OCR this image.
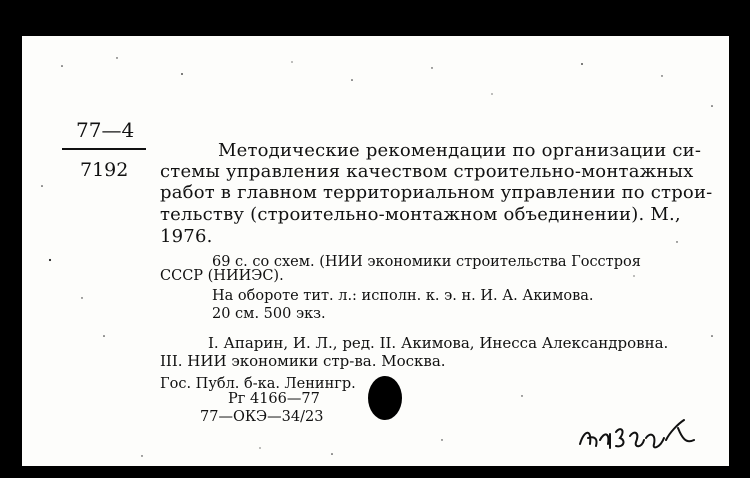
77—4
7192
Методические рекомендации по организации си-
стемы управления качеством строительно-монтажных
работ в главном территориальном управлении по строи-
тельству (строительно-монтажном объединении). М.,
1976.
69 с. со схем. (НИИ экономики строительства Госстроя
СССР (НИИЭС).
На обороте тит. л.: исполн. к. э. н. И. А. Акимова.
20 см. 500 экз.
I. Апарин, И. Л., ред. II. Акимова, Инесса Александровна.
III. НИИ экономики стр-ва. Москва.
Гос. Публ. б-ка. Ленингр.
Рг 4166—77
77—ОКЭ—34/23
